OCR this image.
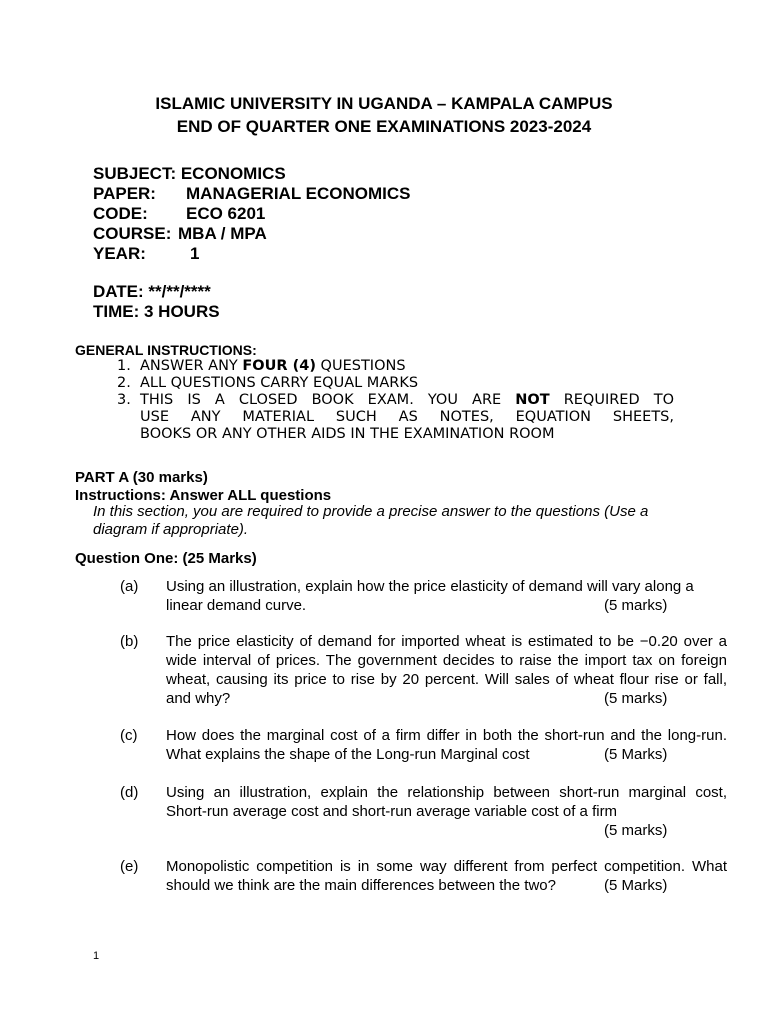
ISLAMIC UNIVERSITY IN UGANDA – KAMPALA CAMPUS
END OF QUARTER ONE EXAMINATIONS 2023-2024
SUBJECT: ECONOMICS
PAPER: MANAGERIAL ECONOMICS
CODE: ECO 6201
COURSE: MBA / MPA
YEAR:	1
DATE: **/**/****
TIME: 3 HOURS
GENERAL INSTRUCTIONS:
1. ANSWER ANY FOUR (4) QUESTIONS
2. ALL QUESTIONS CARRY EQUAL MARKS
3. THIS IS A CLOSED BOOK EXAM. YOU ARE NOT REQUIRED TO
USE ANY MATERIAL SUCH AS NOTES, EQUATION SHEETS,
BOOKS OR ANY OTHER AIDS IN THE EXAMINATION ROOM
PART A (30 marks)
Instructions: Answer ALL questions
In this section, you are required to provide a precise answer to the questions (Use a
diagram if appropriate).
Question One: (25 Marks)
(a)	Using an illustration, explain how the price elasticity of demand will vary along a
linear demand curve.	(5 marks)
(b)	The price elasticity of demand for imported wheat is estimated to be −0.20 over a
wide interval of prices. The government decides to raise the import tax on foreign
wheat, causing its price to rise by 20 percent. Will sales of wheat flour rise or fall,
and why?	(5 marks)
(c)	How does the marginal cost of a firm differ in both the short-run and the long-run.
What explains the shape of the Long-run Marginal cost	(5 Marks)
(d)	Using an illustration, explain the relationship between short-run marginal cost,
Short-run average cost and short-run average variable cost of a firm
(5 marks)
(e)	Monopolistic competition is in some way different from perfect competition. What
should we think are the main differences between the two?	(5 Marks)
1
